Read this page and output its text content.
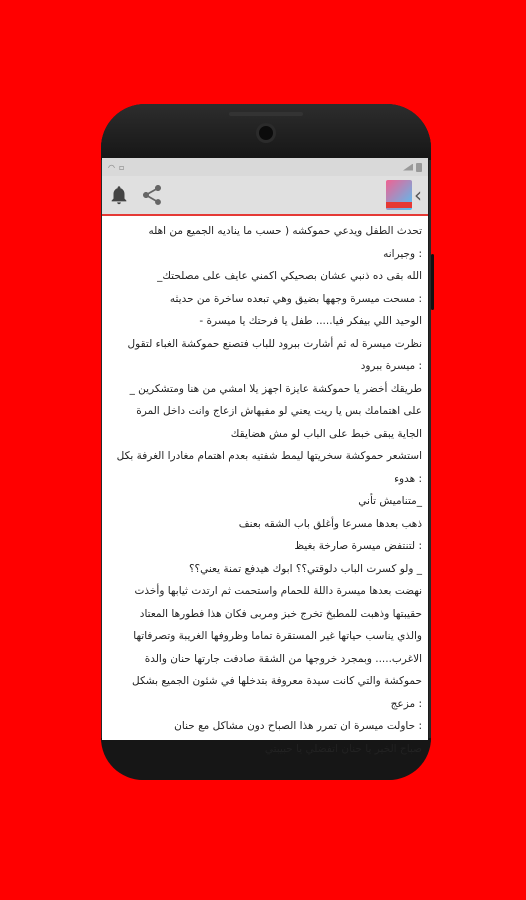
◠ ▫
‹

تحدث الطفل ويدعي حموكشه ( حسب ما يناديه الجميع من اهله

: وجيرانه

الله بقى ده ذنبي عشان بصحيكي اكمني عايف على مصلحتك_

: مسحت ميسرة وجهها بضيق وهي تبعده ساخرة من حديثه

الوحيد اللي بيفكر فيا..... طفل يا فرحتك يا ميسرة -

نظرت ميسرة له ثم أشارت ببرود للباب فتصنع حموكشة الغباء لتقول

: ميسرة ببرود

طريقك أخضر يا حموكشة عايزة اجهز يلا امشي من هنا ومتشكرين _

على اهتمامك بس يا ريت يعني لو مفيهاش ازعاج وانت داخل المرة

الجاية يبقى خبط على الباب لو مش هضايقك

استشعر حموكشة سخريتها ليمط شفتيه بعدم اهتمام مغادرا الغرفة بكل

: هدوء

_متناميش تأني

ذهب بعدها مسرعا وأغلق باب الشقه بعنف

: لتنتفض ميسرة صارخة بغيظ

_ ولو كسرت الباب دلوقتي؟؟ ابوك هيدفع تمنة يعني؟؟

نهضت بعدها ميسرة داللة للحمام واستحمت ثم ارتدت ثيابها وأخذت

حقيبتها وذهبت للمطبخ تخرج خبز ومربى فكان هذا فطورها المعتاد

والذي يناسب حياتها غير المستقرة تماما وظروفها الغريبة وتصرفاتها

الاغرب..... وبمجرد خروجها من الشقة صادفت جارتها حنان والدة

حموكشة والتي كانت سيدة معروفة بتدخلها في شئون الجميع بشكل

: مزعج

: حاولت ميسرة ان تمرر هذا الصباح دون مشاكل مع حنان

صباح الخير يا حنان اتفضلي يا حبيبتي
